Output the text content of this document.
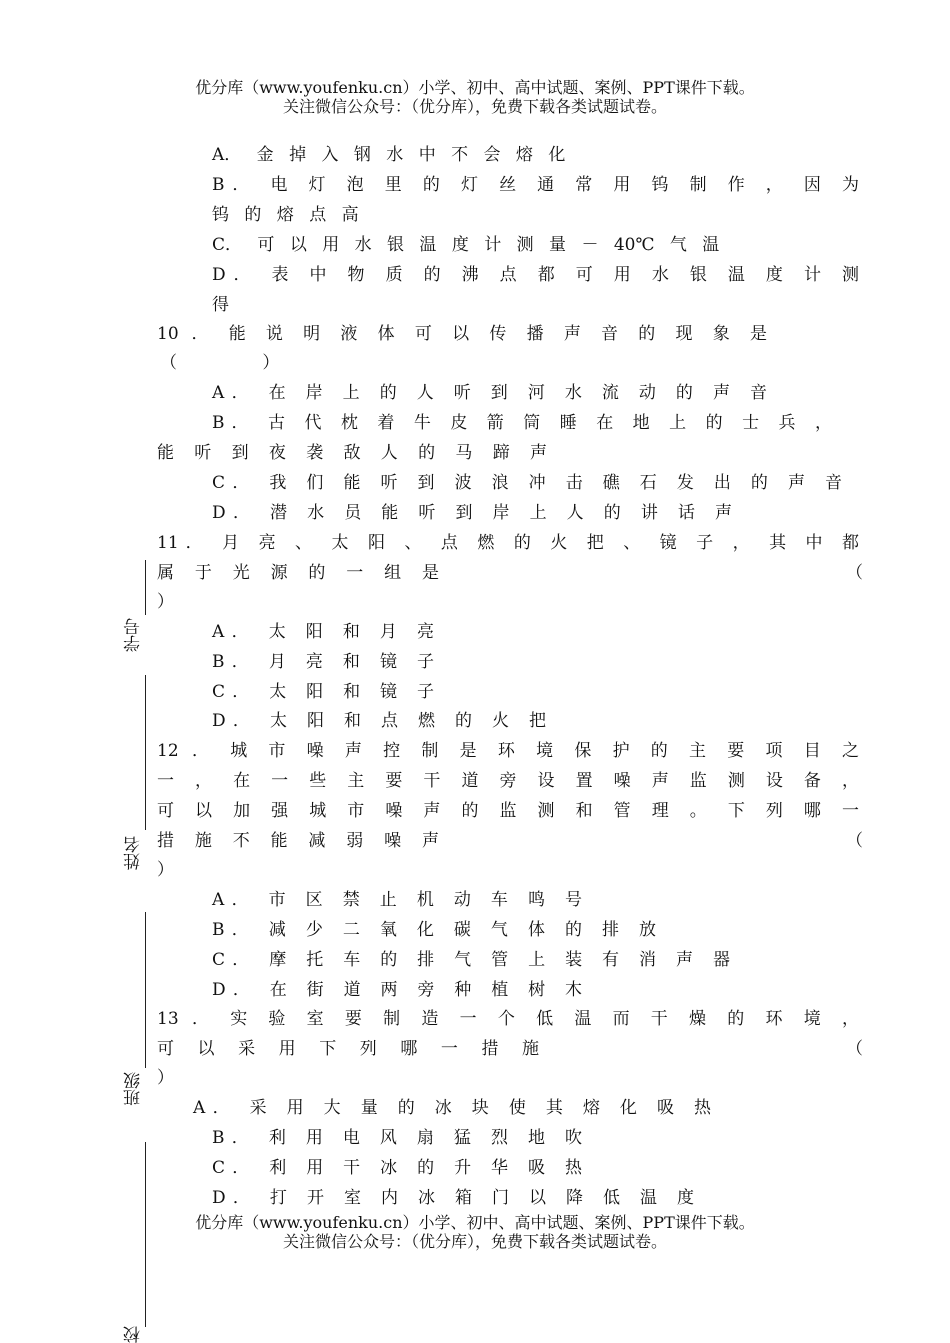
优分库（www.youfenku.cn）小学、初中、高中试题、案例、PPT课件下载。
关注微信公众号：（优分库），免费下载各类试题试卷。
A． 金 掉 入 钢 水 中 不 会 熔 化
B． 电 灯 泡 里 的 灯 丝 通 常 用 钨 制 作 ， 因 为
钨 的 熔 点 高
C． 可 以 用 水 银 温 度 计 测 量 － 40℃ 气 温
D． 表 中 物 质 的 沸 点 都 可 用 水 银 温 度 计 测
得
10 ． 能 说 明 液 体 可 以 传 播 声 音 的 现 象 是
（ ）
A． 在 岸 上 的 人 听 到 河 水 流 动 的 声 音
B． 古 代 枕 着 牛 皮 箭 筒 睡 在 地 上 的 士 兵 ，
能 听 到 夜 袭 敌 人 的 马 蹄 声
C． 我 们 能 听 到 波 浪 冲 击 礁 石 发 出 的 声 音
D． 潜 水 员 能 听 到 岸 上 人 的 讲 话 声
11． 月 亮 、 太 阳 、 点 燃 的 火 把 、 镜 子 ， 其 中 都
属 于 光 源 的 一 组 是	（
）
A． 太 阳 和 月 亮
B． 月 亮 和 镜 子
C． 太 阳 和 镜 子
D． 太 阳 和 点 燃 的 火 把
12 ． 城 市 噪 声 控 制 是 环 境 保 护 的 主 要 项 目 之
一 ， 在 一 些 主 要 干 道 旁 设 置 噪 声 监 测 设 备 ，
可 以 加 强 城 市 噪 声 的 监 测 和 管 理 。 下 列 哪 一
措 施 不 能 减 弱 噪 声	（
）
A． 市 区 禁 止 机 动 车 鸣 号
B． 减 少 二 氧 化 碳 气 体 的 排 放
C． 摩 托 车 的 排 气 管 上 装 有 消 声 器
D． 在 街 道 两 旁 种 植 树 木
13 ． 实 验 室 要 制 造 一 个 低 温 而 干 燥 的 环 境 ，
可 以 采 用 下 列 哪 一 措 施	（
）
A． 采 用 大 量 的 冰 块 使 其 熔 化 吸 热
B． 利 用 电 风 扇 猛 烈 地 吹
C． 利 用 干 冰 的 升 华 吸 热
D． 打 开 室 内 冰 箱 门 以 降 低 温 度
优分库（www.youfenku.cn）小学、初中、高中试题、案例、PPT课件下载。
关注微信公众号：（优分库），免费下载各类试题试卷。
学号
姓名
班级
校
